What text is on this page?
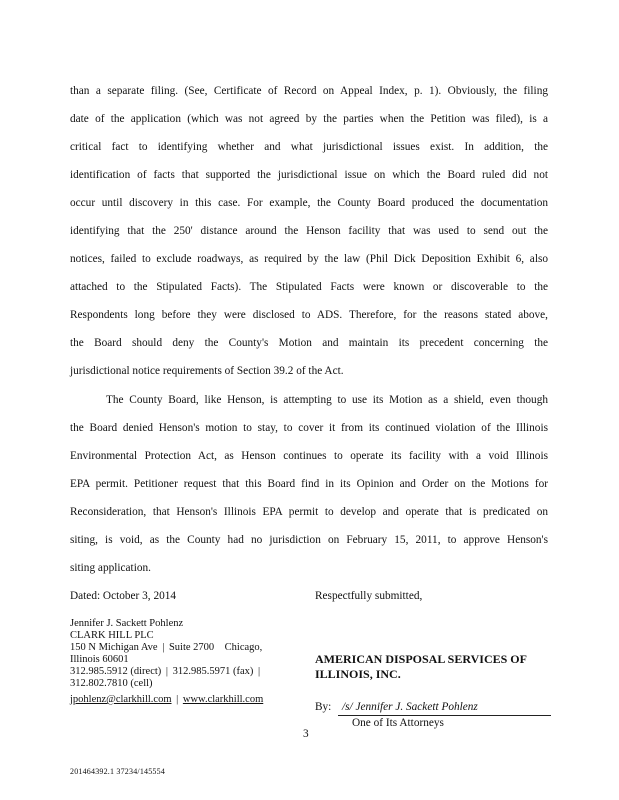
than a separate filing. (See, Certificate of Record on Appeal Index, p. 1). Obviously, the filing
date of the application (which was not agreed by the parties when the Petition was filed), is a
critical fact to identifying whether and what jurisdictional issues exist. In addition, the
identification of facts that supported the jurisdictional issue on which the Board ruled did not
occur until discovery in this case. For example, the County Board produced the documentation
identifying that the 250' distance around the Henson facility that was used to send out the
notices, failed to exclude roadways, as required by the law (Phil Dick Deposition Exhibit 6, also
attached to the Stipulated Facts). The Stipulated Facts were known or discoverable to the
Respondents long before they were disclosed to ADS. Therefore, for the reasons stated above,
the Board should deny the County's Motion and maintain its precedent concerning the
jurisdictional notice requirements of Section 39.2 of the Act.
The County Board, like Henson, is attempting to use its Motion as a shield, even though
the Board denied Henson's motion to stay, to cover it from its continued violation of the Illinois
Environmental Protection Act, as Henson continues to operate its facility with a void Illinois
EPA permit. Petitioner request that this Board find in its Opinion and Order on the Motions for
Reconsideration, that Henson's Illinois EPA permit to develop and operate that is predicated on
siting, is void, as the County had no jurisdiction on February 15, 2011, to approve Henson's
siting application.
Dated: October 3, 2014	Respectfully submitted,
Jennifer J. Sackett Pohlenz
CLARK HILL PLC
150 N Michigan Ave | Suite 2700 Chicago,
Illinois 60601
312.985.5912 (direct) | 312.985.5971 (fax) |
312.802.7810 (cell)
jpohlenz@clarkhill.com | www.clarkhill.com
AMERICAN DISPOSAL SERVICES OF
ILLINOIS, INC.
By: /s/ Jennifer J. Sackett Pohlenz
One of Its Attorneys
3
201464392.1 37234/145554
